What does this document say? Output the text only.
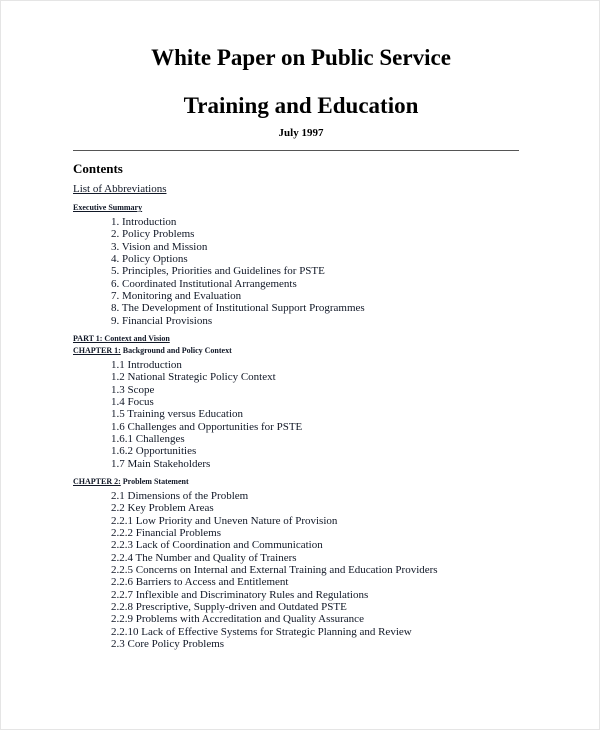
White Paper on Public Service
Training and Education
July 1997
Contents
List of Abbreviations
Executive Summary
1. Introduction
2. Policy Problems
3. Vision and Mission
4. Policy Options
5. Principles, Priorities and Guidelines for PSTE
6. Coordinated Institutional Arrangements
7. Monitoring and Evaluation
8. The Development of Institutional Support Programmes
9. Financial Provisions
PART 1: Context and Vision
CHAPTER 1: Background and Policy Context
1.1 Introduction
1.2 National Strategic Policy Context
1.3 Scope
1.4 Focus
1.5 Training versus Education
1.6 Challenges and Opportunities for PSTE
1.6.1 Challenges
1.6.2 Opportunities
1.7 Main Stakeholders
CHAPTER 2: Problem Statement
2.1 Dimensions of the Problem
2.2 Key Problem Areas
2.2.1 Low Priority and Uneven Nature of Provision
2.2.2 Financial Problems
2.2.3 Lack of Coordination and Communication
2.2.4 The Number and Quality of Trainers
2.2.5 Concerns on Internal and External Training and Education Providers
2.2.6 Barriers to Access and Entitlement
2.2.7 Inflexible and Discriminatory Rules and Regulations
2.2.8 Prescriptive, Supply-driven and Outdated PSTE
2.2.9 Problems with Accreditation and Quality Assurance
2.2.10 Lack of Effective Systems for Strategic Planning and Review
2.3 Core Policy Problems
